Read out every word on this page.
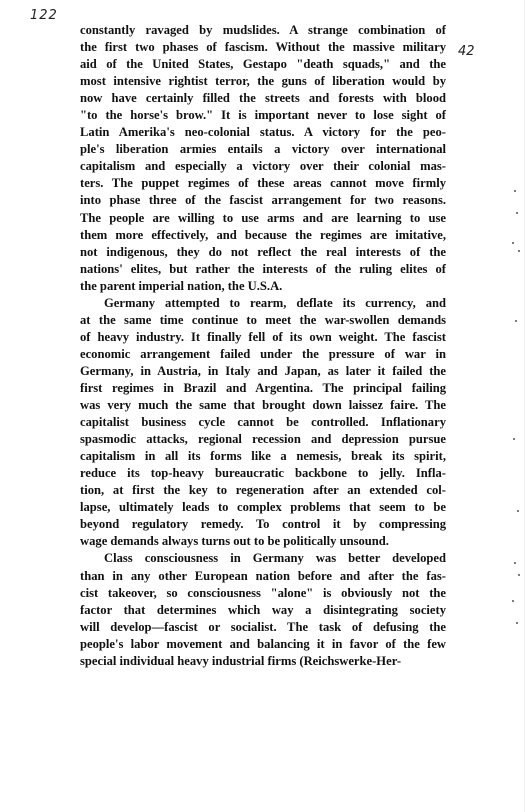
122
42
constantly ravaged by mudslides. A strange combination of
the first two phases of fascism. Without the massive military
aid of the United States, Gestapo "death squads," and the
most intensive rightist terror, the guns of liberation would by
now have certainly filled the streets and forests with blood
"to the horse's brow." It is important never to lose sight of
Latin Amerika's neo-colonial status. A victory for the peo-
ple's liberation armies entails a victory over international
capitalism and especially a victory over their colonial mas-
ters. The puppet regimes of these areas cannot move firmly
into phase three of the fascist arrangement for two reasons.
The people are willing to use arms and are learning to use
them more effectively, and because the regimes are imitative,
not indigenous, they do not reflect the real interests of the
nations' elites, but rather the interests of the ruling elites of
the parent imperial nation, the U.S.A.
Germany attempted to rearm, deflate its currency, and
at the same time continue to meet the war-swollen demands
of heavy industry. It finally fell of its own weight. The fascist
economic arrangement failed under the pressure of war in
Germany, in Austria, in Italy and Japan, as later it failed the
first regimes in Brazil and Argentina. The principal failing
was very much the same that brought down laissez faire. The
capitalist business cycle cannot be controlled. Inflationary
spasmodic attacks, regional recession and depression pursue
capitalism in all its forms like a nemesis, break its spirit,
reduce its top-heavy bureaucratic backbone to jelly. Infla-
tion, at first the key to regeneration after an extended col-
lapse, ultimately leads to complex problems that seem to be
beyond regulatory remedy. To control it by compressing
wage demands always turns out to be politically unsound.
Class consciousness in Germany was better developed
than in any other European nation before and after the fas-
cist takeover, so consciousness "alone" is obviously not the
factor that determines which way a disintegrating society
will develop—fascist or socialist. The task of defusing the
people's labor movement and balancing it in favor of the few
special individual heavy industrial firms (Reichswerke-Her-
